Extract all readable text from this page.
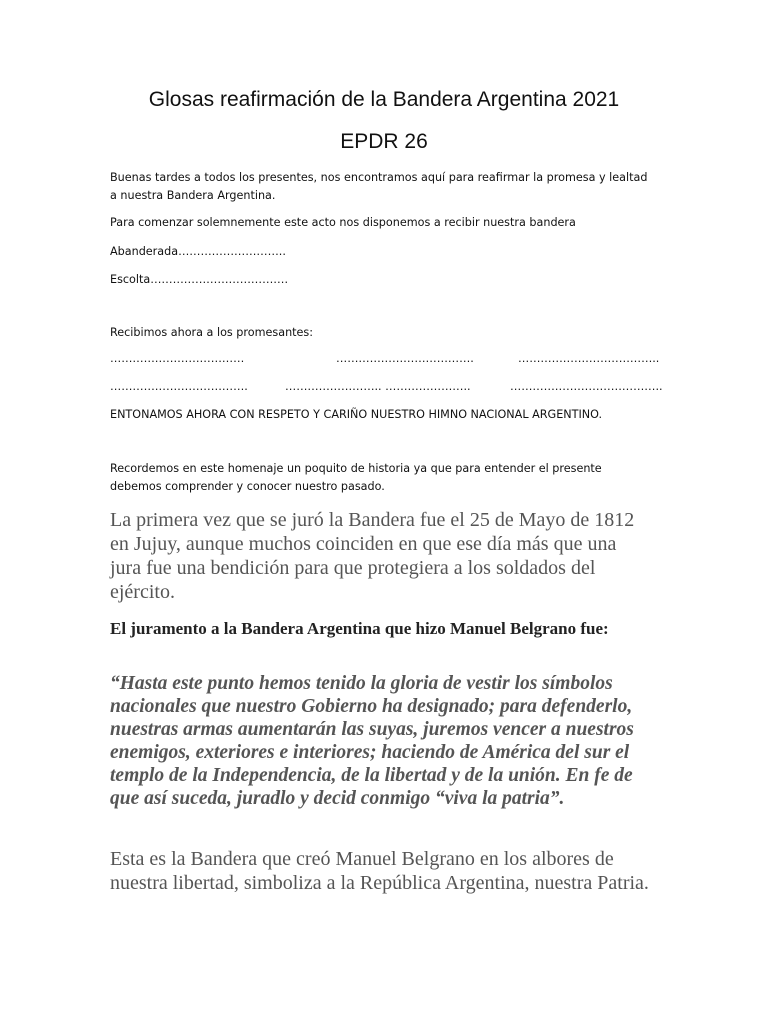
Glosas reafirmación de la Bandera Argentina 2021
EPDR 26
Buenas tardes a todos los presentes, nos encontramos aquí para reafirmar la promesa y lealtad a nuestra Bandera Argentina.
Para comenzar solemnemente este acto nos disponemos a recibir nuestra bandera
Abanderada………………………..
Escolta……………………………….
Recibimos ahora a los promesantes:
………………………………	……………………………….	………………………………..
……………………………….	…………………….. …………………..	…………………………………..
ENTONAMOS AHORA CON RESPETO Y CARIÑO NUESTRO HIMNO NACIONAL ARGENTINO.
Recordemos en este homenaje un poquito de historia ya que para entender el presente debemos comprender y conocer nuestro pasado.
La primera vez que se juró la Bandera fue el 25 de Mayo de 1812 en Jujuy, aunque muchos coinciden en que ese día más que una jura fue una bendición para que protegiera a los soldados del ejército.
El juramento a la Bandera Argentina que hizo Manuel Belgrano fue:
“Hasta este punto hemos tenido la gloria de vestir los símbolos nacionales que nuestro Gobierno ha designado; para defenderlo, nuestras armas aumentarán las suyas, juremos vencer a nuestros enemigos, exteriores e interiores; haciendo de América del sur el templo de la Independencia, de la libertad y de la unión. En fe de que así suceda, juradlo y decid conmigo “viva la patria”.
Esta es la Bandera que creó Manuel Belgrano en los albores de nuestra libertad, simboliza a la República Argentina, nuestra Patria.
